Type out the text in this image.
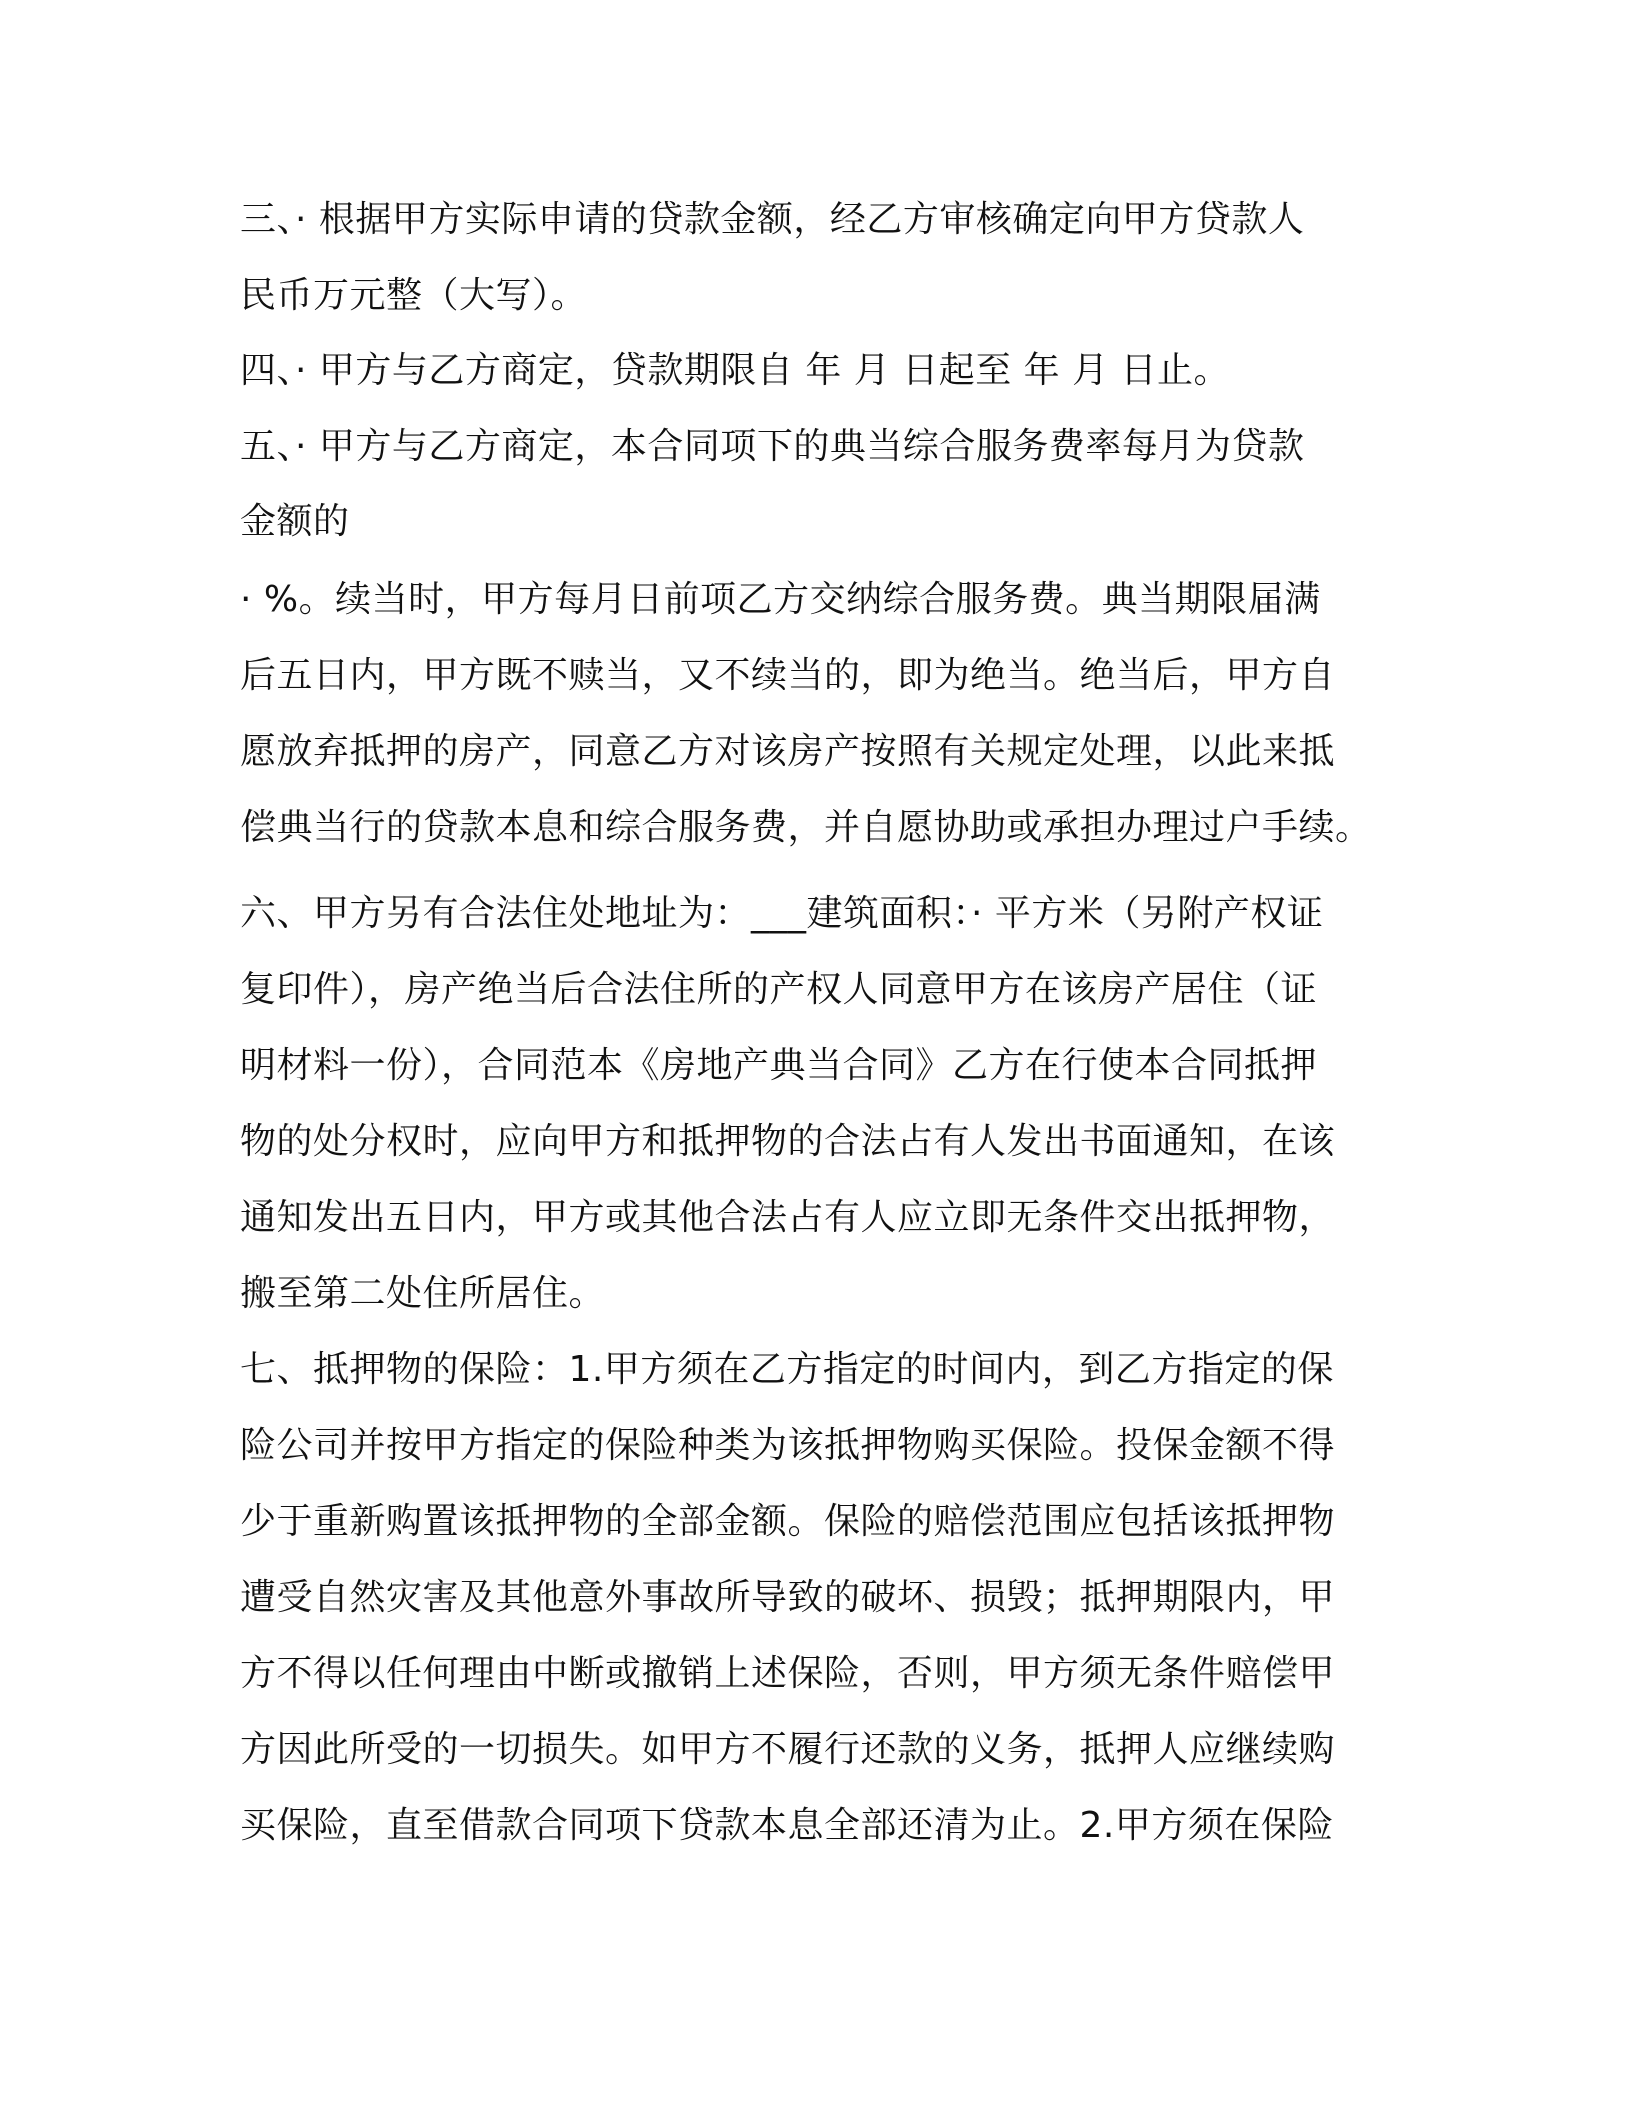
三、· 根据甲方实际申请的贷款金额，经乙方审核确定向甲方贷款人
民币万元整（大写）。
四、· 甲方与乙方商定，贷款期限自 年 月 日起至 年 月 日止。
五、· 甲方与乙方商定，本合同项下的典当综合服务费率每月为贷款
金额的
· %。续当时，甲方每月日前项乙方交纳综合服务费。典当期限届满
后五日内，甲方既不赎当，又不续当的，即为绝当。绝当后，甲方自
愿放弃抵押的房产，同意乙方对该房产按照有关规定处理，以此来抵
偿典当行的贷款本息和综合服务费，并自愿协助或承担办理过户手续。
六、甲方另有合法住处地址为：___建筑面积：· 平方米（另附产权证
复印件），房产绝当后合法住所的产权人同意甲方在该房产居住（证
明材料一份），合同范本《房地产典当合同》乙方在行使本合同抵押
物的处分权时，应向甲方和抵押物的合法占有人发出书面通知，在该
通知发出五日内，甲方或其他合法占有人应立即无条件交出抵押物，
搬至第二处住所居住。
七、抵押物的保险：1.甲方须在乙方指定的时间内，到乙方指定的保
险公司并按甲方指定的保险种类为该抵押物购买保险。投保金额不得
少于重新购置该抵押物的全部金额。保险的赔偿范围应包括该抵押物
遭受自然灾害及其他意外事故所导致的破坏、损毁；抵押期限内，甲
方不得以任何理由中断或撤销上述保险，否则，甲方须无条件赔偿甲
方因此所受的一切损失。如甲方不履行还款的义务，抵押人应继续购
买保险，直至借款合同项下贷款本息全部还清为止。2.甲方须在保险
